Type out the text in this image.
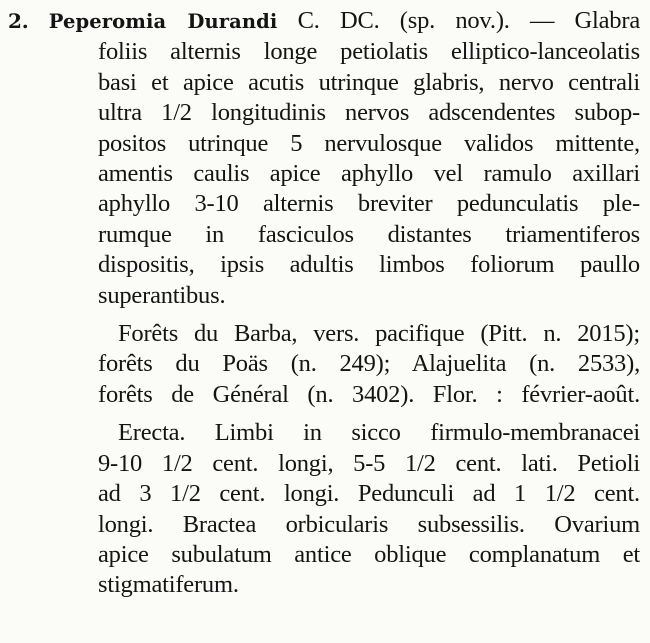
2. Peperomia Durandi C. DC. (sp. nov.). — Glabra
foliis alternis longe petiolatis elliptico-lanceolatis
basi et apice acutis utrinque glabris, nervo centrali
ultra 1/2 longitudinis nervos adscendentes subop-
positos utrinque 5 nervulosque validos mittente,
amentis caulis apice aphyllo vel ramulo axillari
aphyllo 3-10 alternis breviter pedunculatis ple-
rumque in fasciculos distantes triamentiferos
dispositis, ipsis adultis limbos foliorum paullo
superantibus.
Forêts du Barba, vers. pacifique (Pitt. n. 2015);
forêts du Poäs (n. 249); Alajuelita (n. 2533),
forêts de Général (n. 3402). Flor. : février-août.
Erecta. Limbi in sicco firmulo-membranacei
9-10 1/2 cent. longi, 5-5 1/2 cent. lati. Petioli
ad 3 1/2 cent. longi. Pedunculi ad 1 1/2 cent.
longi. Bractea orbicularis subsessilis. Ovarium
apice subulatum antice oblique complanatum et
stigmatiferum.
